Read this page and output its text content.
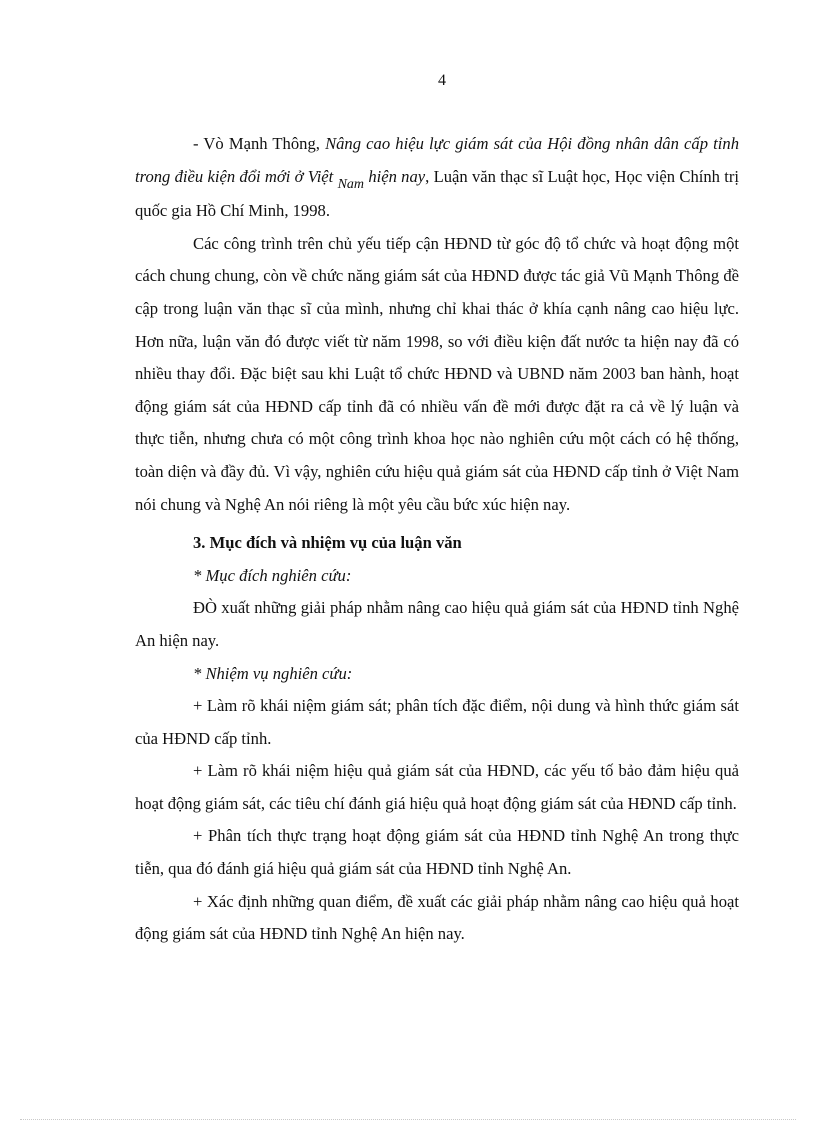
4

- Vò Mạnh Thông, Nâng cao hiệu lực giám sát của Hội đồng nhân dân cấp tỉnh trong điều kiện đổi mới ở Việt $_{Nam}$ hiện nay, Luận văn thạc sĩ Luật học, Học viện Chính trị quốc gia Hồ Chí Minh, 1998.

Các công trình trên chủ yếu tiếp cận HĐND từ góc độ tổ chức và hoạt động một cách chung chung, còn về chức năng giám sát của HĐND được tác giả Vũ Mạnh Thông đề cập trong luận văn thạc sĩ của mình, nhưng chỉ khai thác ở khía cạnh nâng cao hiệu lực. Hơn nữa, luận văn đó được viết từ năm 1998, so với điều kiện đất nước ta hiện nay đã có nhiều thay đổi. Đặc biệt sau khi Luật tổ chức HĐND và UBND năm 2003 ban hành, hoạt động giám sát của HĐND cấp tỉnh đã có nhiều vấn đề mới được đặt ra cả về lý luận và thực tiễn, nhưng chưa có một công trình khoa học nào nghiên cứu một cách có hệ thống, toàn diện và đầy đủ. Vì vậy, nghiên cứu hiệu quả giám sát của HĐND cấp tỉnh ở Việt Nam nói chung và Nghệ An nói riêng là một yêu cầu bức xúc hiện nay.

3. Mục đích và nhiệm vụ của luận văn

* Mục đích nghiên cứu:

ĐÒ xuất những giải pháp nhằm nâng cao hiệu quả giám sát của HĐND tỉnh Nghệ An hiện nay.

* Nhiệm vụ nghiên cứu:

+ Làm rõ khái niệm giám sát; phân tích đặc điểm, nội dung và hình thức giám sát của HĐND cấp tỉnh.

+ Làm rõ khái niệm hiệu quả giám sát của HĐND, các yếu tố bảo đảm hiệu quả hoạt động giám sát, các tiêu chí đánh giá hiệu quả hoạt động giám sát của HĐND cấp tỉnh.

+ Phân tích thực trạng hoạt động giám sát của HĐND tỉnh Nghệ An trong thực tiễn, qua đó đánh giá hiệu quả giám sát của HĐND tỉnh Nghệ An.

+ Xác định những quan điểm, đề xuất các giải pháp nhằm nâng cao hiệu quả hoạt động giám sát của HĐND tỉnh Nghệ An hiện nay.
